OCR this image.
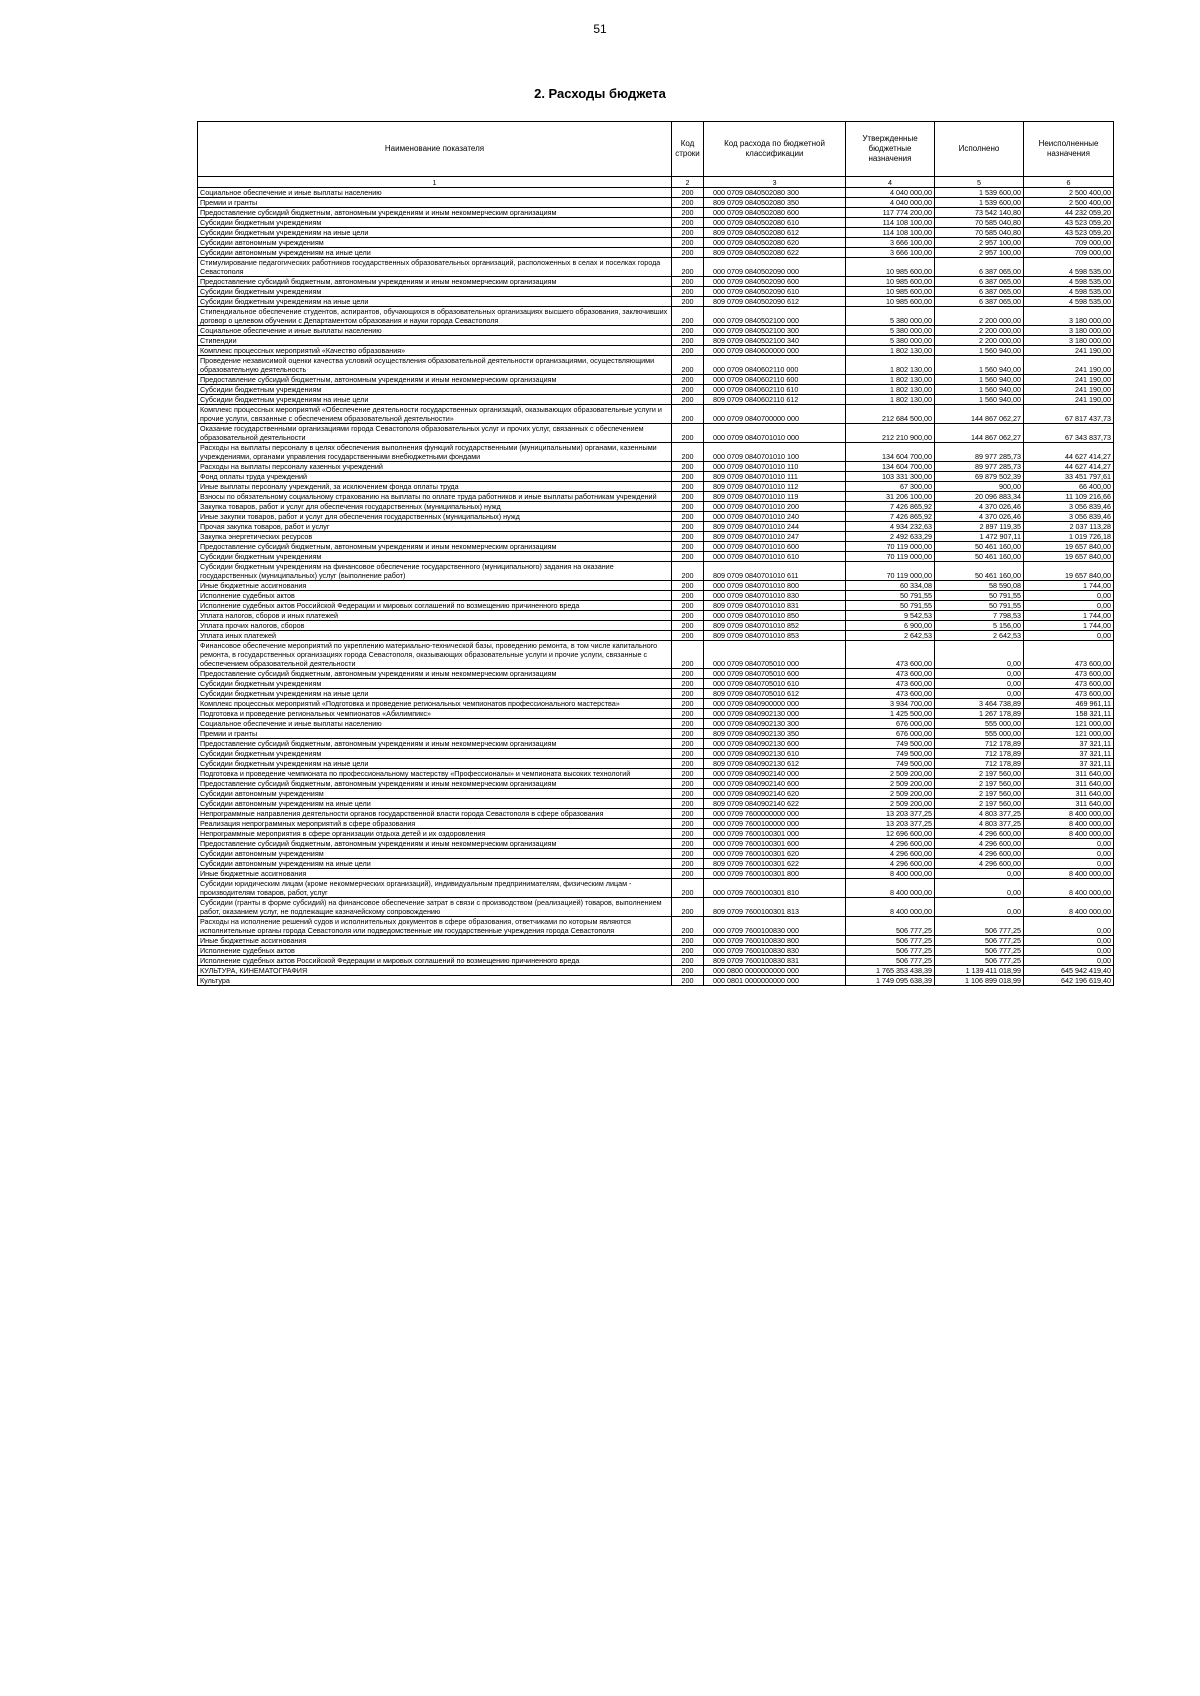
51
2. Расходы бюджета
Наименование показателя	Код строки	Код расхода по бюджетной классификации	Утвержденные бюджетные назначения	Исполнено	Неисполненные назначения
1	2	3	4	5	6
Социальное обеспечение и иные выплаты населению	200	000 0709 0840502080 300	4 040 000,00	1 539 600,00	2 500 400,00
Премии и гранты	200	809 0709 0840502080 350	4 040 000,00	1 539 600,00	2 500 400,00
Предоставление субсидий бюджетным, автономным учреждениям и иным некоммерческим организациям	200	000 0709 0840502080 600	117 774 200,00	73 542 140,80	44 232 059,20
Субсидии бюджетным учреждениям	200	000 0709 0840502080 610	114 108 100,00	70 585 040,80	43 523 059,20
Субсидии бюджетным учреждениям на иные цели	200	809 0709 0840502080 612	114 108 100,00	70 585 040,80	43 523 059,20
Субсидии автономным учреждениям	200	000 0709 0840502080 620	3 666 100,00	2 957 100,00	709 000,00
Субсидии автономным учреждениям на иные цели	200	809 0709 0840502080 622	3 666 100,00	2 957 100,00	709 000,00
Стимулирование педагогических работников государственных образовательных организаций, расположенных в селах и поселках города Севастополя	200	000 0709 0840502090 000	10 985 600,00	6 387 065,00	4 598 535,00
Предоставление субсидий бюджетным, автономным учреждениям и иным некоммерческим организациям	200	000 0709 0840502090 600	10 985 600,00	6 387 065,00	4 598 535,00
Субсидии бюджетным учреждениям	200	000 0709 0840502090 610	10 985 600,00	6 387 065,00	4 598 535,00
Субсидии бюджетным учреждениям на иные цели	200	809 0709 0840502090 612	10 985 600,00	6 387 065,00	4 598 535,00
Стипендиальное обеспечение студентов, аспирантов, обучающихся в образовательных организациях высшего образования, заключивших договор о целевом обучении с Департаментом образования и науки города Севастополя	200	000 0709 0840502100 000	5 380 000,00	2 200 000,00	3 180 000,00
Социальное обеспечение и иные выплаты населению	200	000 0709 0840502100 300	5 380 000,00	2 200 000,00	3 180 000,00
Стипендии	200	809 0709 0840502100 340	5 380 000,00	2 200 000,00	3 180 000,00
Комплекс процессных мероприятий «Качество образования»	200	000 0709 0840600000 000	1 802 130,00	1 560 940,00	241 190,00
Проведение независимой оценки качества условий осуществления образовательной деятельности организациями, осуществляющими образовательную деятельность	200	000 0709 0840602110 000	1 802 130,00	1 560 940,00	241 190,00
Предоставление субсидий бюджетным, автономным учреждениям и иным некоммерческим организациям	200	000 0709 0840602110 600	1 802 130,00	1 560 940,00	241 190,00
Субсидии бюджетным учреждениям	200	000 0709 0840602110 610	1 802 130,00	1 560 940,00	241 190,00
Субсидии бюджетным учреждениям на иные цели	200	809 0709 0840602110 612	1 802 130,00	1 560 940,00	241 190,00
Комплекс процессных мероприятий «Обеспечение деятельности государственных организаций, оказывающих образовательные услуги и прочие услуги, связанные с обеспечением образовательной деятельности»	200	000 0709 0840700000 000	212 684 500,00	144 867 062,27	67 817 437,73
Оказание государственными организациями города Севастополя образовательных услуг и прочих услуг, связанных с обеспечением образовательной деятельности	200	000 0709 0840701010 000	212 210 900,00	144 867 062,27	67 343 837,73
Расходы на выплаты персоналу в целях обеспечения выполнения функций государственными (муниципальными) органами, казенными учреждениями, органами управления государственными внебюджетными фондами	200	000 0709 0840701010 100	134 604 700,00	89 977 285,73	44 627 414,27
Расходы на выплаты персоналу казенных учреждений	200	000 0709 0840701010 110	134 604 700,00	89 977 285,73	44 627 414,27
Фонд оплаты труда учреждений	200	809 0709 0840701010 111	103 331 300,00	69 879 502,39	33 451 797,61
Иные выплаты персоналу учреждений, за исключением фонда оплаты труда	200	809 0709 0840701010 112	67 300,00	900,00	66 400,00
Взносы по обязательному социальному страхованию на выплаты по оплате труда работников и иные выплаты работникам учреждений	200	809 0709 0840701010 119	31 206 100,00	20 096 883,34	11 109 216,66
Закупка товаров, работ и услуг для обеспечения государственных (муниципальных) нужд	200	000 0709 0840701010 200	7 426 865,92	4 370 026,46	3 056 839,46
Иные закупки товаров, работ и услуг для обеспечения государственных (муниципальных) нужд	200	000 0709 0840701010 240	7 426 865,92	4 370 026,46	3 056 839,46
Прочая закупка товаров, работ и услуг	200	809 0709 0840701010 244	4 934 232,63	2 897 119,35	2 037 113,28
Закупка энергетических ресурсов	200	809 0709 0840701010 247	2 492 633,29	1 472 907,11	1 019 726,18
Предоставление субсидий бюджетным, автономным учреждениям и иным некоммерческим организациям	200	000 0709 0840701010 600	70 119 000,00	50 461 160,00	19 657 840,00
Субсидии бюджетным учреждениям	200	000 0709 0840701010 610	70 119 000,00	50 461 160,00	19 657 840,00
Субсидии бюджетным учреждениям на финансовое обеспечение государственного (муниципального) задания на оказание государственных (муниципальных) услуг (выполнение работ)	200	809 0709 0840701010 611	70 119 000,00	50 461 160,00	19 657 840,00
Иные бюджетные ассигнования	200	000 0709 0840701010 800	60 334,08	58 590,08	1 744,00
Исполнение судебных актов	200	000 0709 0840701010 830	50 791,55	50 791,55	0,00
Исполнение судебных актов Российской Федерации и мировых соглашений по возмещению причиненного вреда	200	809 0709 0840701010 831	50 791,55	50 791,55	0,00
Уплата налогов, сборов и иных платежей	200	000 0709 0840701010 850	9 542,53	7 798,53	1 744,00
Уплата прочих налогов, сборов	200	809 0709 0840701010 852	6 900,00	5 156,00	1 744,00
Уплата иных платежей	200	809 0709 0840701010 853	2 642,53	2 642,53	0,00
Финансовое обеспечение мероприятий по укреплению материально-технической базы, проведению ремонта, в том числе капитального ремонта, в государственных организациях города Севастополя, оказывающих образовательные услуги и прочие услуги, связанные с обеспечением образовательной деятельности	200	000 0709 0840705010 000	473 600,00	0,00	473 600,00
Предоставление субсидий бюджетным, автономным учреждениям и иным некоммерческим организациям	200	000 0709 0840705010 600	473 600,00	0,00	473 600,00
Субсидии бюджетным учреждениям	200	000 0709 0840705010 610	473 600,00	0,00	473 600,00
Субсидии бюджетным учреждениям на иные цели	200	809 0709 0840705010 612	473 600,00	0,00	473 600,00
Комплекс процессных мероприятий «Подготовка и проведение региональных чемпионатов профессионального мастерства»	200	000 0709 0840900000 000	3 934 700,00	3 464 738,89	469 961,11
Подготовка и проведение региональных чемпионатов «Абилимпикс»	200	000 0709 0840902130 000	1 425 500,00	1 267 178,89	158 321,11
Социальное обеспечение и иные выплаты населению	200	000 0709 0840902130 300	676 000,00	555 000,00	121 000,00
Премии и гранты	200	809 0709 0840902130 350	676 000,00	555 000,00	121 000,00
Предоставление субсидий бюджетным, автономным учреждениям и иным некоммерческим организациям	200	000 0709 0840902130 600	749 500,00	712 178,89	37 321,11
Субсидии бюджетным учреждениям	200	000 0709 0840902130 610	749 500,00	712 178,89	37 321,11
Субсидии бюджетным учреждениям на иные цели	200	809 0709 0840902130 612	749 500,00	712 178,89	37 321,11
Подготовка и проведение чемпионата по профессиональному мастерству «Профессионалы» и чемпионата высоких технологий	200	000 0709 0840902140 000	2 509 200,00	2 197 560,00	311 640,00
Предоставление субсидий бюджетным, автономным учреждениям и иным некоммерческим организациям	200	000 0709 0840902140 600	2 509 200,00	2 197 560,00	311 640,00
Субсидии автономным учреждениям	200	000 0709 0840902140 620	2 509 200,00	2 197 560,00	311 640,00
Субсидии автономным учреждениям на иные цели	200	809 0709 0840902140 622	2 509 200,00	2 197 560,00	311 640,00
Непрограммные направления деятельности органов государственной власти города Севастополя в сфере образования	200	000 0709 7600000000 000	13 203 377,25	4 803 377,25	8 400 000,00
Реализация непрограммных мероприятий в сфере образования	200	000 0709 7600100000 000	13 203 377,25	4 803 377,25	8 400 000,00
Непрограммные мероприятия в сфере организации отдыха детей и их оздоровления	200	000 0709 7600100301 000	12 696 600,00	4 296 600,00	8 400 000,00
Предоставление субсидий бюджетным, автономным учреждениям и иным некоммерческим организациям	200	000 0709 7600100301 600	4 296 600,00	4 296 600,00	0,00
Субсидии автономным учреждениям	200	000 0709 7600100301 620	4 296 600,00	4 296 600,00	0,00
Субсидии автономным учреждениям на иные цели	200	809 0709 7600100301 622	4 296 600,00	4 296 600,00	0,00
Иные бюджетные ассигнования	200	000 0709 7600100301 800	8 400 000,00	0,00	8 400 000,00
Субсидии юридическим лицам (кроме некоммерческих организаций), индивидуальным предпринимателям, физическим лицам - производителям товаров, работ, услуг	200	000 0709 7600100301 810	8 400 000,00	0,00	8 400 000,00
Субсидии (гранты в форме субсидий) на финансовое обеспечение затрат в связи с производством (реализацией) товаров, выполнением работ, оказанием услуг, не подлежащие казначейскому сопровождению	200	809 0709 7600100301 813	8 400 000,00	0,00	8 400 000,00
Расходы на исполнение решений судов и исполнительных документов в сфере образования, ответчиками по которым являются исполнительные органы города Севастополя или подведомственные им государственные учреждения города Севастополя	200	000 0709 7600100830 000	506 777,25	506 777,25	0,00
Иные бюджетные ассигнования	200	000 0709 7600100830 800	506 777,25	506 777,25	0,00
Исполнение судебных актов	200	000 0709 7600100830 830	506 777,25	506 777,25	0,00
Исполнение судебных актов Российской Федерации и мировых соглашений по возмещению причиненного вреда	200	809 0709 7600100830 831	506 777,25	506 777,25	0,00
КУЛЬТУРА, КИНЕМАТОГРАФИЯ	200	000 0800 0000000000 000	1 765 353 438,39	1 139 411 018,99	645 942 419,40
Культура	200	000 0801 0000000000 000	1 749 095 638,39	1 106 899 018,99	642 196 619,40
